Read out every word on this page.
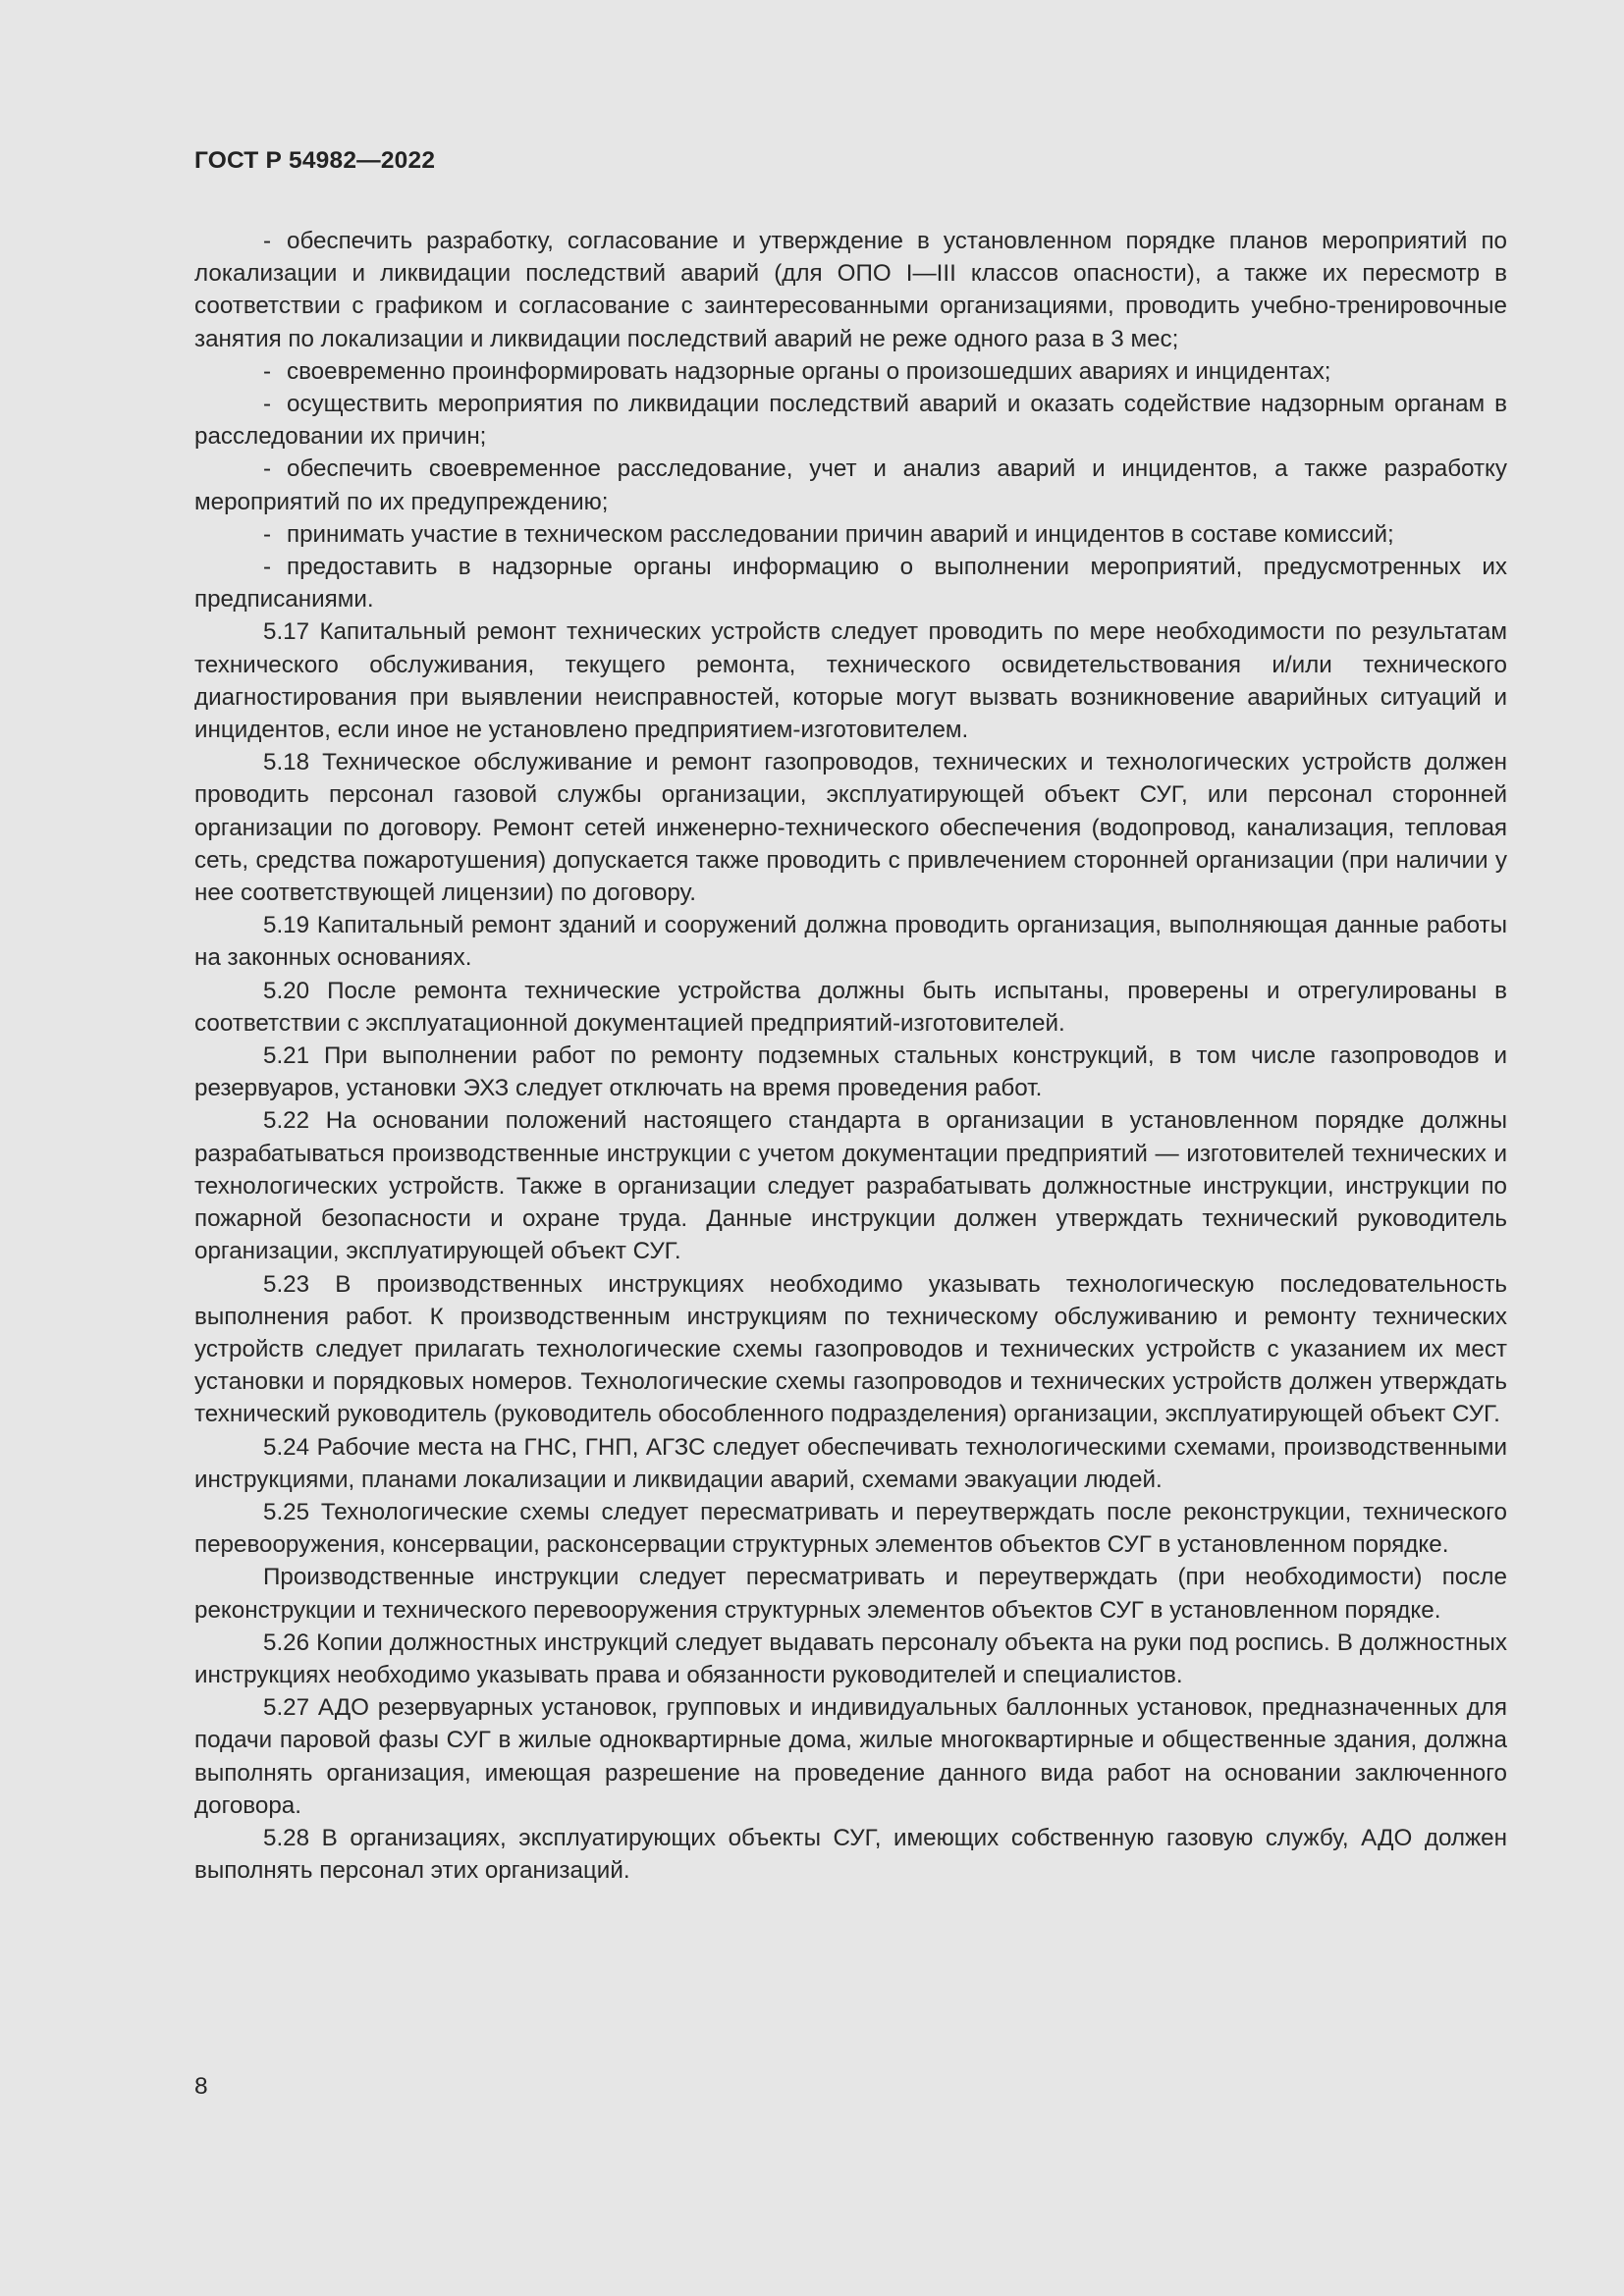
ГОСТ Р 54982—2022

- обеспечить разработку, согласование и утверждение в установленном порядке планов мероприятий по локализации и ликвидации последствий аварий (для ОПО I—III классов опасности), а также их пересмотр в соответствии с графиком и согласование с заинтересованными организациями, проводить учебно-тренировочные занятия по локализации и ликвидации последствий аварий не реже одного раза в 3 мес;

- своевременно проинформировать надзорные органы о произошедших авариях и инцидентах;

- осуществить мероприятия по ликвидации последствий аварий и оказать содействие надзорным органам в расследовании их причин;

- обеспечить своевременное расследование, учет и анализ аварий и инцидентов, а также разработку мероприятий по их предупреждению;

- принимать участие в техническом расследовании причин аварий и инцидентов в составе комиссий;

- предоставить в надзорные органы информацию о выполнении мероприятий, предусмотренных их предписаниями.

5.17 Капитальный ремонт технических устройств следует проводить по мере необходимости по результатам технического обслуживания, текущего ремонта, технического освидетельствования и/или технического диагностирования при выявлении неисправностей, которые могут вызвать возникновение аварийных ситуаций и инцидентов, если иное не установлено предприятием-изготовителем.

5.18 Техническое обслуживание и ремонт газопроводов, технических и технологических устройств должен проводить персонал газовой службы организации, эксплуатирующей объект СУГ, или персонал сторонней организации по договору. Ремонт сетей инженерно-технического обеспечения (водопровод, канализация, тепловая сеть, средства пожаротушения) допускается также проводить с привлечением сторонней организации (при наличии у нее соответствующей лицензии) по договору.

5.19 Капитальный ремонт зданий и сооружений должна проводить организация, выполняющая данные работы на законных основаниях.

5.20 После ремонта технические устройства должны быть испытаны, проверены и отрегулированы в соответствии с эксплуатационной документацией предприятий-изготовителей.

5.21 При выполнении работ по ремонту подземных стальных конструкций, в том числе газопроводов и резервуаров, установки ЭХЗ следует отключать на время проведения работ.

5.22 На основании положений настоящего стандарта в организации в установленном порядке должны разрабатываться производственные инструкции с учетом документации предприятий — изготовителей технических и технологических устройств. Также в организации следует разрабатывать должностные инструкции, инструкции по пожарной безопасности и охране труда. Данные инструкции должен утверждать технический руководитель организации, эксплуатирующей объект СУГ.

5.23 В производственных инструкциях необходимо указывать технологическую последовательность выполнения работ. К производственным инструкциям по техническому обслуживанию и ремонту технических устройств следует прилагать технологические схемы газопроводов и технических устройств с указанием их мест установки и порядковых номеров. Технологические схемы газопроводов и технических устройств должен утверждать технический руководитель (руководитель обособленного подразделения) организации, эксплуатирующей объект СУГ.

5.24 Рабочие места на ГНС, ГНП, АГЗС следует обеспечивать технологическими схемами, производственными инструкциями, планами локализации и ликвидации аварий, схемами эвакуации людей.

5.25 Технологические схемы следует пересматривать и переутверждать после реконструкции, технического перевооружения, консервации, расконсервации структурных элементов объектов СУГ в установленном порядке.

Производственные инструкции следует пересматривать и переутверждать (при необходимости) после реконструкции и технического перевооружения структурных элементов объектов СУГ в установленном порядке.

5.26 Копии должностных инструкций следует выдавать персоналу объекта на руки под роспись. В должностных инструкциях необходимо указывать права и обязанности руководителей и специалистов.

5.27 АДО резервуарных установок, групповых и индивидуальных баллонных установок, предназначенных для подачи паровой фазы СУГ в жилые одноквартирные дома, жилые многоквартирные и общественные здания, должна выполнять организация, имеющая разрешение на проведение данного вида работ на основании заключенного договора.

5.28 В организациях, эксплуатирующих объекты СУГ, имеющих собственную газовую службу, АДО должен выполнять персонал этих организаций.

8
